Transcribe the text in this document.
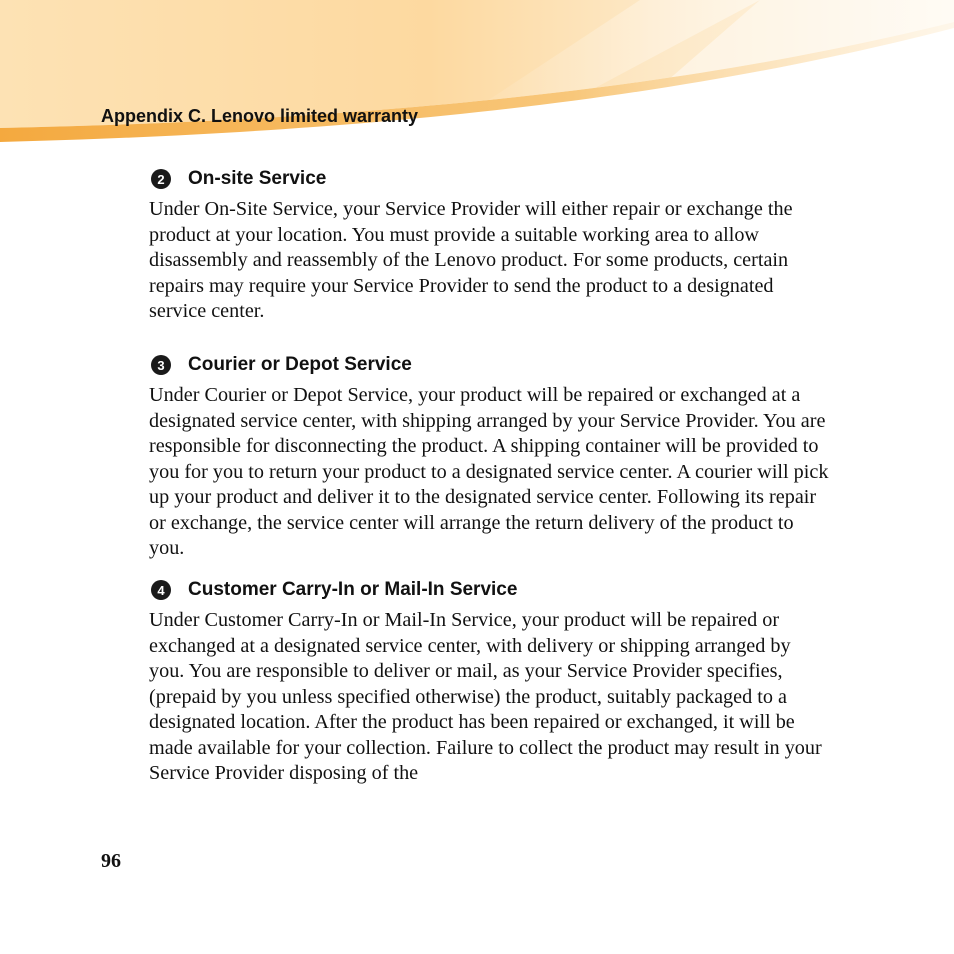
Appendix C. Lenovo limited warranty
2	On-site Service

Under On-Site Service, your Service Provider will either repair or exchange the product at your location. You must provide a suitable working area to allow disassembly and reassembly of the Lenovo product. For some products, certain repairs may require your Service Provider to send the product to a designated service center.

3	Courier or Depot Service

Under Courier or Depot Service, your product will be repaired or exchanged at a designated service center, with shipping arranged by your Service Provider. You are responsible for disconnecting the product. A shipping container will be provided to you for you to return your product to a designated service center. A courier will pick up your product and deliver it to the designated service center. Following its repair or exchange, the service center will arrange the return delivery of the product to you.

4	Customer Carry-In or Mail-In Service

Under Customer Carry-In or Mail-In Service, your product will be repaired or exchanged at a designated service center, with delivery or shipping arranged by you. You are responsible to deliver or mail, as your Service Provider specifies, (prepaid by you unless specified otherwise) the product, suitably packaged to a designated location. After the product has been repaired or exchanged, it will be made available for your collection. Failure to collect the product may result in your Service Provider disposing of the

96
